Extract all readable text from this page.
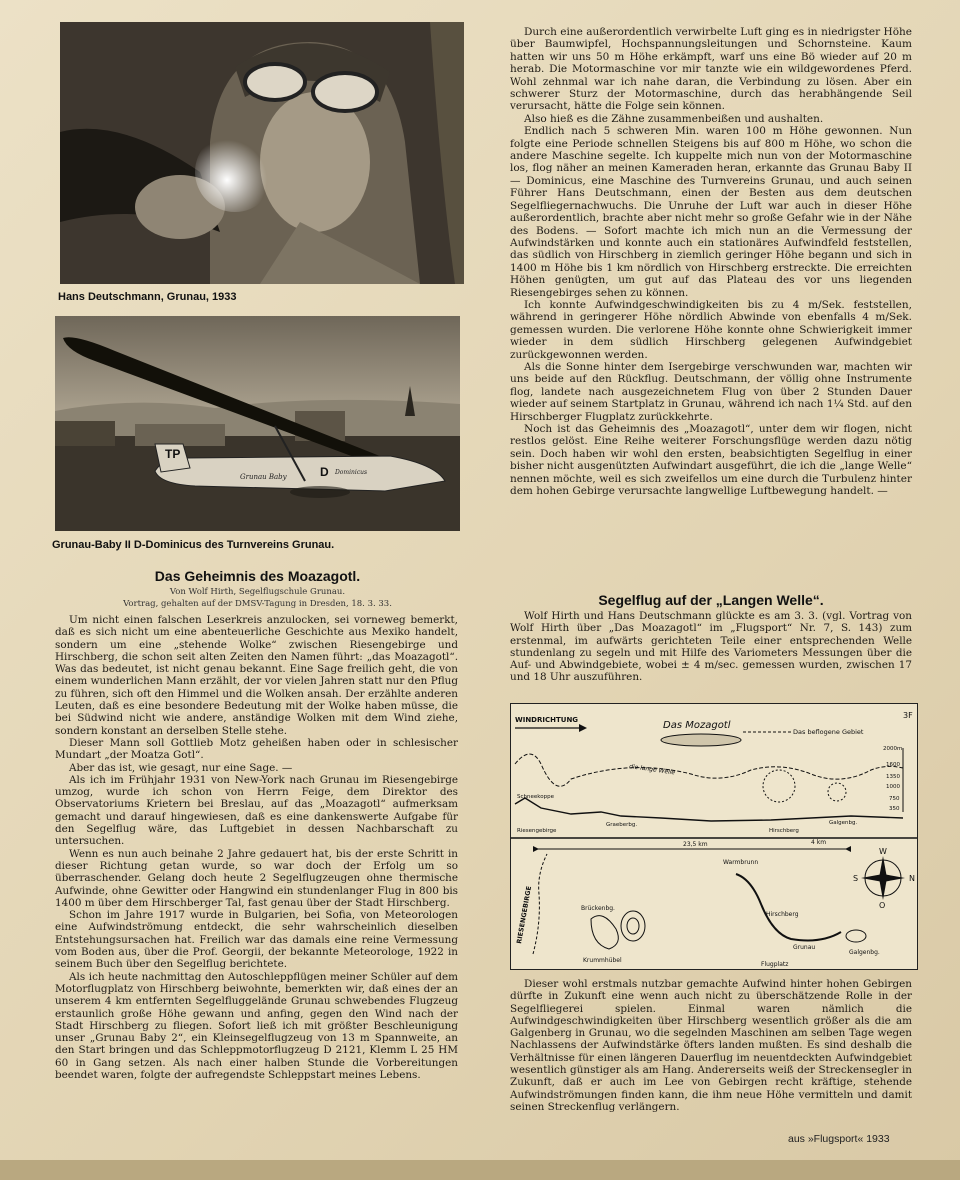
Hans Deutschmann, Grunau, 1933
TP
Grunau Baby	D Dominicus
Grunau-Baby II D-Dominicus des Turnvereins Grunau.
Das Geheimnis des Moazagotl.
Von Wolf Hirth, Segelflugschule Grunau.
Vortrag, gehalten auf der DMSV-Tagung in Dresden, 18. 3. 33.

Um nicht einen falschen Leserkreis anzulocken, sei vorneweg bemerkt, daß es sich nicht um eine abenteuerliche Geschichte aus Mexiko handelt, sondern um eine „stehende Wolke“ zwischen Riesengebirge und Hirschberg, die schon seit alten Zeiten den Namen führt: „das Moazagotl“. Was das bedeutet, ist nicht genau bekannt. Eine Sage freilich geht, die von einem wunderlichen Mann erzählt, der vor vielen Jahren statt nur den Pflug zu führen, sich oft den Himmel und die Wolken ansah. Der erzählte anderen Leuten, daß es eine besondere Bedeutung mit der Wolke haben müsse, die bei Südwind nicht wie andere, anständige Wolken mit dem Wind ziehe, sondern konstant an derselben Stelle stehe.

Dieser Mann soll Gottlieb Motz geheißen haben oder in schlesischer Mundart „der Moatza Gotl“.

Aber das ist, wie gesagt, nur eine Sage. —

Als ich im Frühjahr 1931 von New-York nach Grunau im Riesengebirge umzog, wurde ich schon von Herrn Feige, dem Direktor des Observatoriums Krietern bei Breslau, auf das „Moazagotl“ aufmerksam gemacht und darauf hingewiesen, daß es eine dankenswerte Aufgabe für den Segelflug wäre, das Luftgebiet in dessen Nachbarschaft zu untersuchen.

Wenn es nun auch beinahe 2 Jahre gedauert hat, bis der erste Schritt in dieser Richtung getan wurde, so war doch der Erfolg um so überraschender. Gelang doch heute 2 Segelflugzeugen ohne thermische Aufwinde, ohne Gewitter oder Hangwind ein stundenlanger Flug in 800 bis 1400 m über dem Hirschberger Tal, fast genau über der Stadt Hirschberg.

Schon im Jahre 1917 wurde in Bulgarien, bei Sofia, von Meteorologen eine Aufwindströmung entdeckt, die sehr wahrscheinlich dieselben Entstehungsursachen hat. Freilich war das damals eine reine Vermessung vom Boden aus, über die Prof. Georgii, der bekannte Meteorologe, 1922 in seinem Buch über den Segelflug berichtete.

Als ich heute nachmittag den Autoschleppflügen meiner Schüler auf dem Motorflugplatz von Hirschberg beiwohnte, bemerkten wir, daß eines der an unserem 4 km entfernten Segelfluggelände Grunau schwebendes Flugzeug erstaunlich große Höhe gewann und anfing, gegen den Wind nach der Stadt Hirschberg zu fliegen. Sofort ließ ich mit größter Beschleunigung unser „Grunau Baby 2“, ein Kleinsegelflugzeug von 13 m Spannweite, an den Start bringen und das Schleppmotorflugzeug D 2121, Klemm L 25 HM 60 in Gang setzen. Als nach einer halben Stunde die Vorbereitungen beendet waren, folgte der aufregendste Schleppstart meines Lebens.

Durch eine außerordentlich verwirbelte Luft ging es in niedrigster Höhe über Baumwipfel, Hochspannungsleitungen und Schornsteine. Kaum hatten wir uns 50 m Höhe erkämpft, warf uns eine Bö wieder auf 20 m herab. Die Motormaschine vor mir tanzte wie ein wildgewordenes Pferd. Wohl zehnmal war ich nahe daran, die Verbindung zu lösen. Aber ein schwerer Sturz der Motormaschine, durch das herabhängende Seil verursacht, hätte die Folge sein können.

Also hieß es die Zähne zusammenbeißen und aushalten.

Endlich nach 5 schweren Min. waren 100 m Höhe gewonnen. Nun folgte eine Periode schnellen Steigens bis auf 800 m Höhe, wo schon die andere Maschine segelte. Ich kuppelte mich nun von der Motormaschine los, flog näher an meinen Kameraden heran, erkannte das Grunau Baby II — Dominicus, eine Maschine des Turnvereins Grunau, und auch seinen Führer Hans Deutschmann, einen der Besten aus dem deutschen Segelfliegernachwuchs. Die Unruhe der Luft war auch in dieser Höhe außerordentlich, brachte aber nicht mehr so große Gefahr wie in der Nähe des Bodens. — Sofort machte ich mich nun an die Vermessung der Aufwindstärken und konnte auch ein stationäres Aufwindfeld feststellen, das südlich von Hirschberg in ziemlich geringer Höhe begann und sich in 1400 m Höhe bis 1 km nördlich von Hirschberg erstreckte. Die erreichten Höhen genügten, um gut auf das Plateau des vor uns liegenden Riesengebirges sehen zu können.

Ich konnte Aufwindgeschwindigkeiten bis zu 4 m/Sek. feststellen, während in geringerer Höhe nördlich Abwinde von ebenfalls 4 m/Sek. gemessen wurden. Die verlorene Höhe konnte ohne Schwierigkeit immer wieder in dem südlich Hirschberg gelegenen Aufwindgebiet zurückgewonnen werden.

Als die Sonne hinter dem Isergebirge verschwunden war, machten wir uns beide auf den Rückflug. Deutschmann, der völlig ohne Instrumente flog, landete nach ausgezeichnetem Flug von über 2 Stunden Dauer wieder auf seinem Startplatz in Grunau, während ich nach 1¼ Std. auf den Hirschberger Flugplatz zurückkehrte.

Noch ist das Geheimnis des „Moazagotl“, unter dem wir flogen, nicht restlos gelöst. Eine Reihe weiterer Forschungsflüge werden dazu nötig sein. Doch haben wir wohl den ersten, beabsichtigten Segelflug in einer bisher nicht ausgenützten Aufwindart ausgeführt, die ich die „lange Welle“ nennen möchte, weil es sich zweifellos um eine durch die Turbulenz hinter dem hohen Gebirge verursachte langwellige Luftbewegung handelt. —

Segelflug auf der „Langen Welle“.

Wolf Hirth und Hans Deutschmann glückte es am 3. 3. (vgl. Vortrag von Wolf Hirth über „Das Moazagotl“ im „Flugsport“ Nr. 7, S. 143) zum erstenmal, im aufwärts gerichteten Teile einer entsprechenden Welle stundenlang zu segeln und mit Hilfe des Variometers Messungen über die Auf- und Abwindgebiete, wobei ± 4 m/sec. gemessen wurden, zwischen 17 und 18 Uhr auszuführen.

3F
WINDRICHTUNG	Das Mozagotl
Das beflogene Gebiet
2000m
1600
1350
1000
750
350
die lange Welle
Schneekoppe
Riesengebirge
Graeberbg.
Hirschberg
Galgenbg.
23,5 km	4 km
RIESENGEBIRGE	Brückenbg.
Krummhübel
Warmbrunn
Hirschberg
Grunau
Flugplatz
Galgenbg.
N
S
W
O

Dieser wohl erstmals nutzbar gemachte Aufwind hinter hohen Gebirgen dürfte in Zukunft eine wenn auch nicht zu überschätzende Rolle in der Segelfliegerei spielen. Einmal waren nämlich die Aufwindgeschwindigkeiten über Hirschberg wesentlich größer als die am Galgenberg in Grunau, wo die segelnden Maschinen am selben Tage wegen Nachlassens der Aufwindstärke öfters landen mußten. Es sind deshalb die Verhältnisse für einen längeren Dauerflug im neuentdeckten Aufwindgebiet wesentlich günstiger als am Hang. Andererseits weiß der Streckensegler in Zukunft, daß er auch im Lee von Gebirgen recht kräftige, stehende Aufwindströmungen finden kann, die ihm neue Höhe vermitteln und damit seinen Streckenflug verlängern.

aus »Flugsport« 1933
